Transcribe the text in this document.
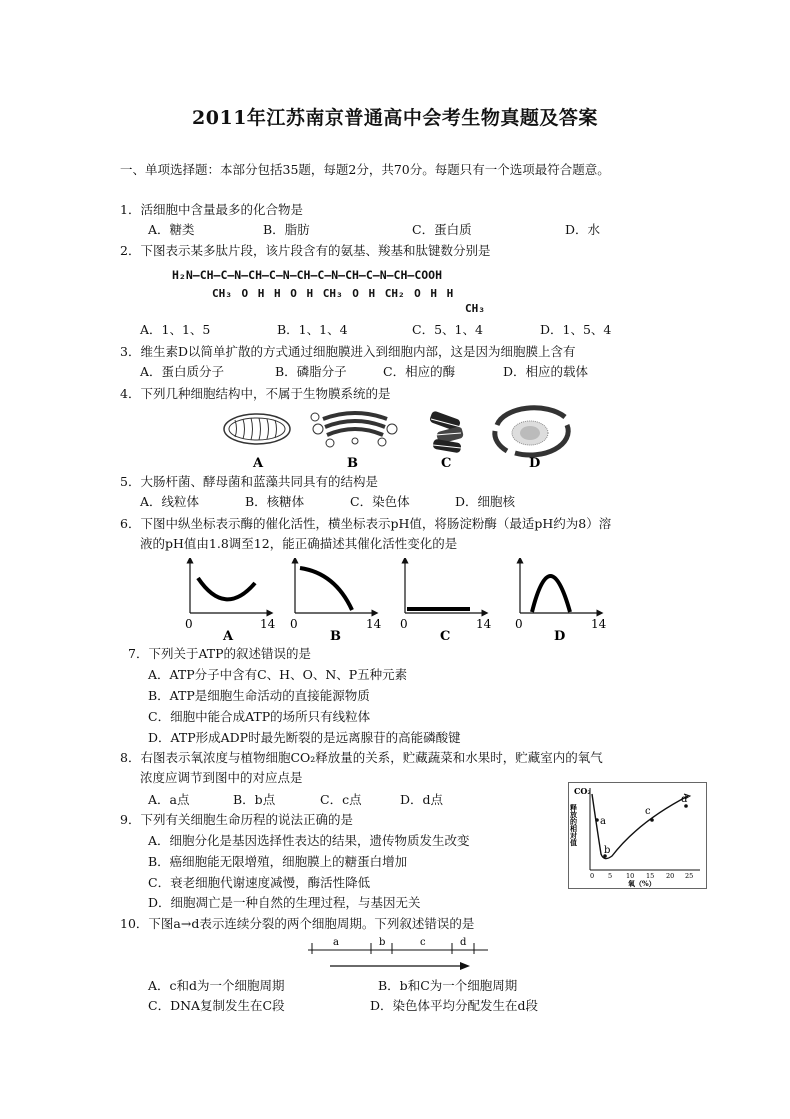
2011年江苏南京普通高中会考生物真题及答案
一、单项选择题：本部分包括35题，每题2分，共70分。每题只有一个选项最符合题意。
1．活细胞中含量最多的化合物是
A．糖类	B．脂肪	C．蛋白质	D．水
2．下图表示某多肽片段，该片段含有的氨基、羧基和肽键数分别是
H₂N—CH—C—N—CH—C—N—CH—C—N—CH—C—N—CH—COOH
CH₃ O H H O H CH₃ O H CH₂ O H H
CH₃
A．1、1、5	B．1、1、4	C．5、1、4	D．1、5、4
3．维生素D以简单扩散的方式通过细胞膜进入到细胞内部，这是因为细胞膜上含有
A．蛋白质分子	B．磷脂分子	C．相应的酶	D．相应的载体
4．下列几种细胞结构中，不属于生物膜系统的是
A	B	C	D
5．大肠杆菌、酵母菌和蓝藻共同具有的结构是
A．线粒体	B．核糖体	C．染色体	D．细胞核
6．下图中纵坐标表示酶的催化活性，横坐标表示pH值，将肠淀粉酶（最适pH约为8）溶
液的pH值由1.8调至12，能正确描述其催化活性变化的是
0	14 0	14 0	14 0	14
A	B	C	D
7．下列关于ATP的叙述错误的是
A．ATP分子中含有C、H、O、N、P五种元素
B．ATP是细胞生命活动的直接能源物质
C．细胞中能合成ATP的场所只有线粒体
D．ATP形成ADP时最先断裂的是远离腺苷的高能磷酸键
8．右图表示氧浓度与植物细胞CO₂释放量的关系，贮藏蔬菜和水果时，贮藏室内的氧气
浓度应调节到图中的对应点是
A．a点	B．b点	C．c点	D．d点
CO₂
释放的相对值 a
b
c
d
0 5 10 15 20 25
氧（%）
9．下列有关细胞生命历程的说法正确的是
A．细胞分化是基因选择性表达的结果，遗传物质发生改变
B．癌细胞能无限增殖，细胞膜上的糖蛋白增加
C．衰老细胞代谢速度减慢，酶活性降低
D．细胞凋亡是一种自然的生理过程，与基因无关
10．下图a→d表示连续分裂的两个细胞周期。下列叙述错误的是
a	b	c	d
A．c和d为一个细胞周期	B．b和C为一个细胞周期
C．DNA复制发生在C段	D．染色体平均分配发生在d段
